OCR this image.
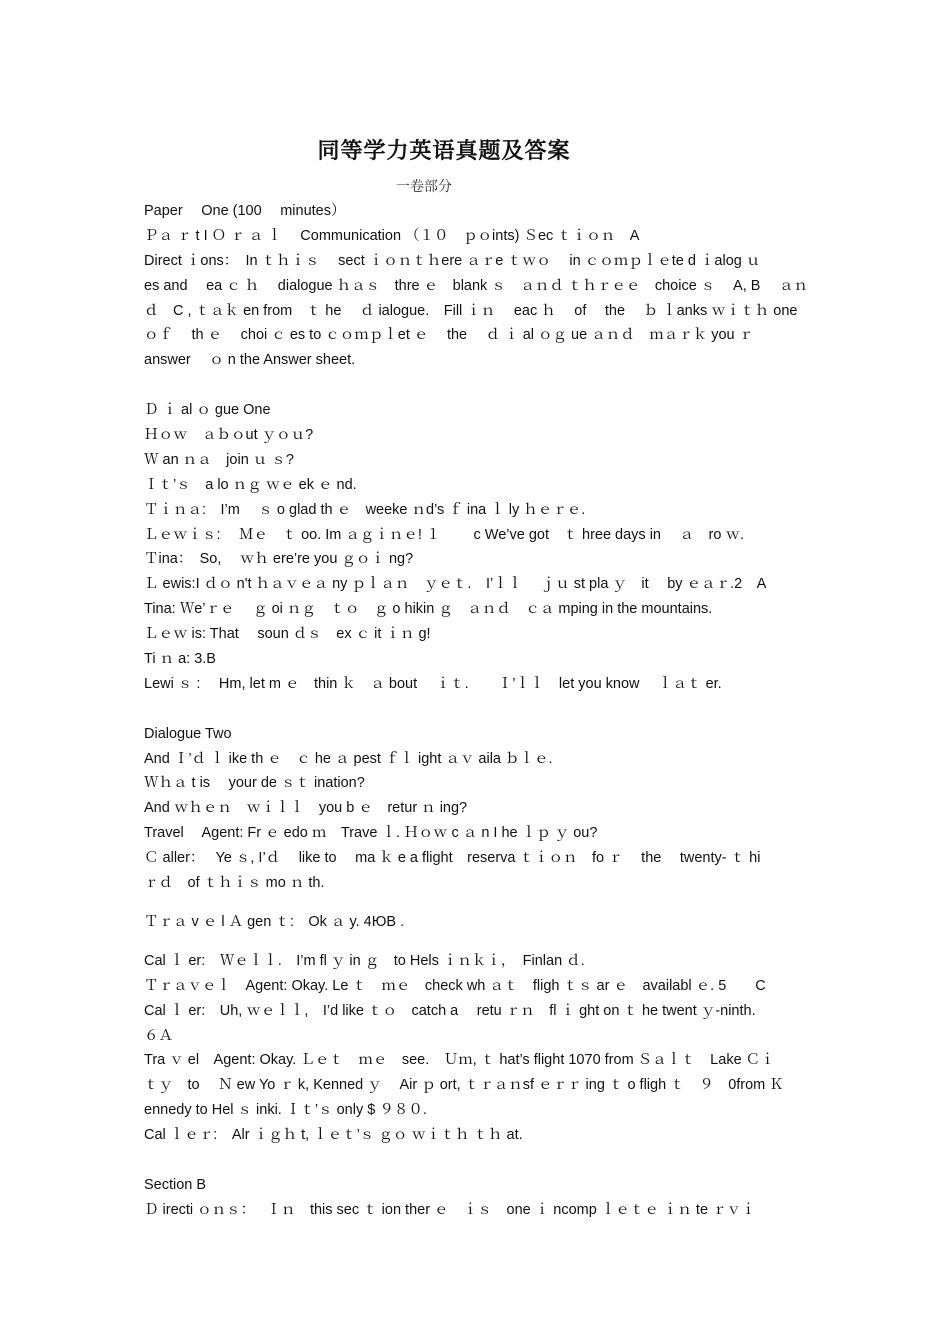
同等学力英语真题及答案
一卷部分
Paper　 One (100　 minutes）
Ｐａ ｒ t I Ｏ ｒ ａ ｌ　 Communication （１０　ｐｏints) Ｓec ｔｉｏｎ　A
Direct ｉons：　In ｔｈｉｓ　 sect ｉｏｎｔｈere ａｒe ｔｗｏ　 in ｃｏｍｐｌｅte d ｉalog ｕ
es and　 ea ｃ ｈ　 dialogue ｈａｓ　thre ｅ　blank ｓ　ａｎｄ ｔｈｒｅｅ　choice ｓ　 A, B　 ａｎ
ｄ　C , ｔａｋ en from　ｔ he　 ｄ ialogue.　Fill ｉｎ　 eac ｈ　 of　 the　 ｂ ｌanks ｗｉｔｈ one
ｏｆ　 th ｅ　 choi ｃ es to ｃｏｍｐｌet ｅ　 the　 ｄ ｉ al ｏｇ ue ａｎｄ　ｍａｒｋ you ｒ
answer　 ｏ n the Answer sheet.
Ｄ ｉ al ｏ gue One
Ｈｏｗ　ａｂｏut ｙｏｕ?
Ｗ an ｎａ　join ｕ ｓ?
Ｉｔ’ｓ　a lo ｎｇ ｗｅ ek ｅ nd.
Ｔｉｎａ:　I’m　 ｓ o glad th ｅ　weeke ｎd’s ｆ ina ｌ ly ｈｅｒｅ.
Ｌｅｗｉｓ:　 Ｍｅ　ｔ oo. Im ａｇｉｎｅ! １　　 c We’ve got　ｔ hree days in　 ａ　ro ｗ.
Ｔina：　So,　 ｗｈ ere’re you ｇｏｉ ng?
Ｌ ewis:I ｄｏ n't ｈａｖｅａ ny ｐｌａｎ　ｙｅｔ.　I’ｌｌ　 ｊｕ st pla ｙ　it　 by ｅａｒ.2　A
Tina: Ｗe’ｒｅ　 ｇ oi ｎｇ　ｔｏ　ｇ o hikin ｇ　ａｎｄ　ｃａ mping in the mountains.
Ｌｅｗ is: That　 soun ｄｓ　ex ｃ it ｉｎ g!
Ti ｎ a: 3.B
Lewi ｓ :　 Hm, let m ｅ　thin ｋ　ａ bout　 ｉｔ.　　Ｉ’ｌｌ　let you know　 ｌａｔ er.
Dialogue Two
And Ｉ’ｄ ｌ ike th ｅ　ｃ he ａ pest ｆｌ ight ａｖ aila ｂｌｅ.
Ｗｈａ t is　 your de ｓｔ ination?
And ｗｈｅｎ　ｗｉｌｌ　you b ｅ　retur ｎ ing?
Travel　 Agent: Fr ｅ edo ｍ　Trave ｌ. Ｈｏｗ c ａ n I he ｌｐ ｙ ou?
Ｃ aller：　 Ye ｓ, I’ｄ　 like to　 ma ｋ e a flight　reserva ｔｉｏｎ　fo ｒ　 the　 twenty- ｔ hi
ｒｄ　of ｔｈｉｓ mo ｎ th.
Ｔｒａ v ｅ l Ａ gen ｔ:　Ok ａ y. 4ЮB .
Cal ｌ er:　Ｗｅｌｌ.　I’m fl ｙ in ｇ　to Hels ｉｎｋｉ，　Finlan ｄ.
Ｔｒａｖｅｌ　Agent: Okay. Le ｔ　ｍｅ　check wh ａｔ　fligh ｔｓ ar ｅ　availabl ｅ. 5　　C
Cal ｌ er:　Uh, ｗｅｌｌ,　I’d like ｔｏ　catch a　 retu ｒｎ　fl ｉ ght on ｔ he twent ｙ-ninth.
６Ａ
Tra ｖ el　Agent: Okay. Ｌｅｔ　ｍｅ　see.　Ｕｍ, ｔ hat’s flight 1070 from Ｓａｌｔ　Lake Ｃｉ
ｔｙ　to　 Ｎ ew Yo ｒ k, Kenned ｙ　 Air ｐ ort, ｔｒａｎsf ｅｒｒ ing ｔ o fligh ｔ　９　0from Ｋ
ennedy to Hel ｓ inki. Ｉｔ’ｓ only $ ９８０.
Cal ｌｅｒ:　Alr ｉｇｈ t, ｌｅｔ’ｓ ｇｏ ｗｉｔｈ ｔｈ at.
Section B
Ｄ irecti ｏｎｓ：　 Ｉｎ　this sec ｔ ion ther ｅ　ｉｓ　one ｉ ncomp ｌｅｔｅ ｉｎ te ｒｖｉ
